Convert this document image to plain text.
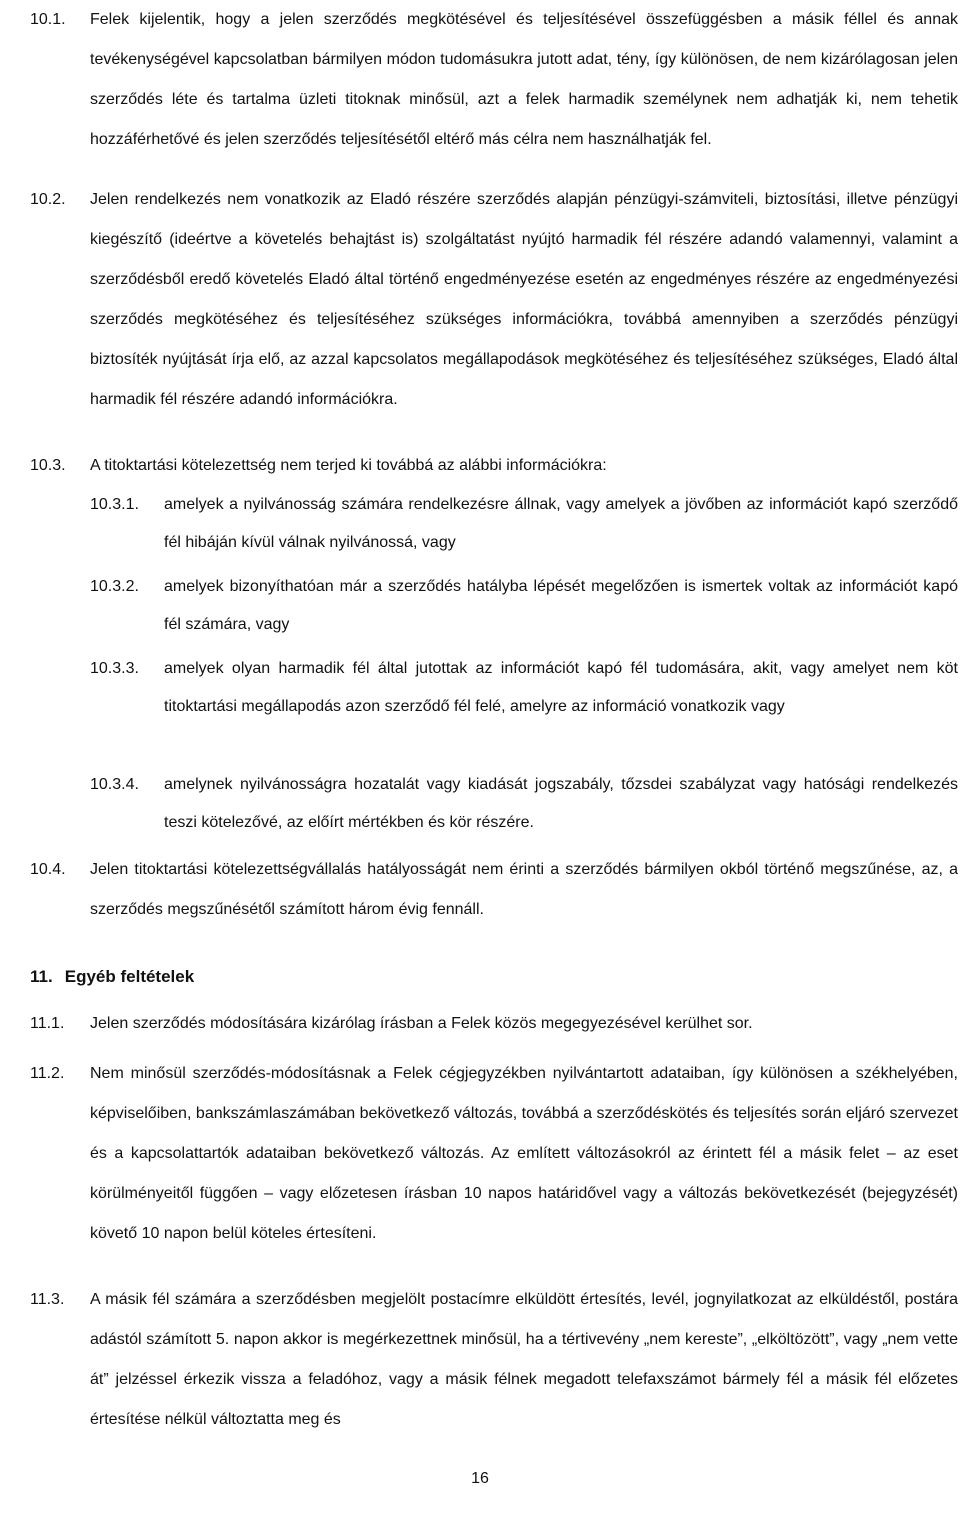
10.1. Felek kijelentik, hogy a jelen szerződés megkötésével és teljesítésével összefüggésben a másik féllel és annak tevékenységével kapcsolatban bármilyen módon tudomásukra jutott adat, tény, így különösen, de nem kizárólagosan jelen szerződés léte és tartalma üzleti titoknak minősül, azt a felek harmadik személynek nem adhatják ki, nem tehetik hozzáférhetővé és jelen szerződés teljesítésétől eltérő más célra nem használhatják fel.
10.2. Jelen rendelkezés nem vonatkozik az Eladó részére szerződés alapján pénzügyi-számviteli, biztosítási, illetve pénzügyi kiegészítő (ideértve a követelés behajtást is) szolgáltatást nyújtó harmadik fél részére adandó valamennyi, valamint a szerződésből eredő követelés Eladó által történő engedményezése esetén az engedményes részére az engedményezési szerződés megkötéséhez és teljesítéséhez szükséges információkra, továbbá amennyiben a szerződés pénzügyi biztosíték nyújtását írja elő, az azzal kapcsolatos megállapodások megkötéséhez és teljesítéséhez szükséges, Eladó által harmadik fél részére adandó információkra.
10.3. A titoktartási kötelezettség nem terjed ki továbbá az alábbi információkra:
10.3.1. amelyek a nyilvánosság számára rendelkezésre állnak, vagy amelyek a jövőben az információt kapó szerződő fél hibáján kívül válnak nyilvánossá, vagy
10.3.2. amelyek bizonyíthatóan már a szerződés hatályba lépését megelőzően is ismertek voltak az információt kapó fél számára, vagy
10.3.3. amelyek olyan harmadik fél által jutottak az információt kapó fél tudomására, akit, vagy amelyet nem köt titoktartási megállapodás azon szerződő fél felé, amelyre az információ vonatkozik vagy
10.3.4. amelynek nyilvánosságra hozatalát vagy kiadását jogszabály, tőzsdei szabályzat vagy hatósági rendelkezés teszi kötelezővé, az előírt mértékben és kör részére.
10.4. Jelen titoktartási kötelezettségvállalás hatályosságát nem érinti a szerződés bármilyen okból történő megszűnése, az, a szerződés megszűnésétől számított három évig fennáll.
11. Egyéb feltételek
11.1. Jelen szerződés módosítására kizárólag írásban a Felek közös megegyezésével kerülhet sor.
11.2. Nem minősül szerződés-módosításnak a Felek cégjegyzékben nyilvántartott adataiban, így különösen a székhelyében, képviselőiben, bankszámlaszámában bekövetkező változás, továbbá a szerződéskötés és teljesítés során eljáró szervezet és a kapcsolattartók adataiban bekövetkező változás. Az említett változásokról az érintett fél a másik felet – az eset körülményeitől függően – vagy előzetesen írásban 10 napos határidővel vagy a változás bekövetkezését (bejegyzését) követő 10 napon belül köteles értesíteni.
11.3. A másik fél számára a szerződésben megjelölt postacímre elküldött értesítés, levél, jognyilatkozat az elküldéstől, postára adástól számított 5. napon akkor is megérkezettnek minősül, ha a tértivevény „nem kereste”, „elköltözött”, vagy „nem vette át” jelzéssel érkezik vissza a feladóhoz, vagy a másik félnek megadott telefaxszámot bármely fél a másik fél előzetes értesítése nélkül változtatta meg és
16
